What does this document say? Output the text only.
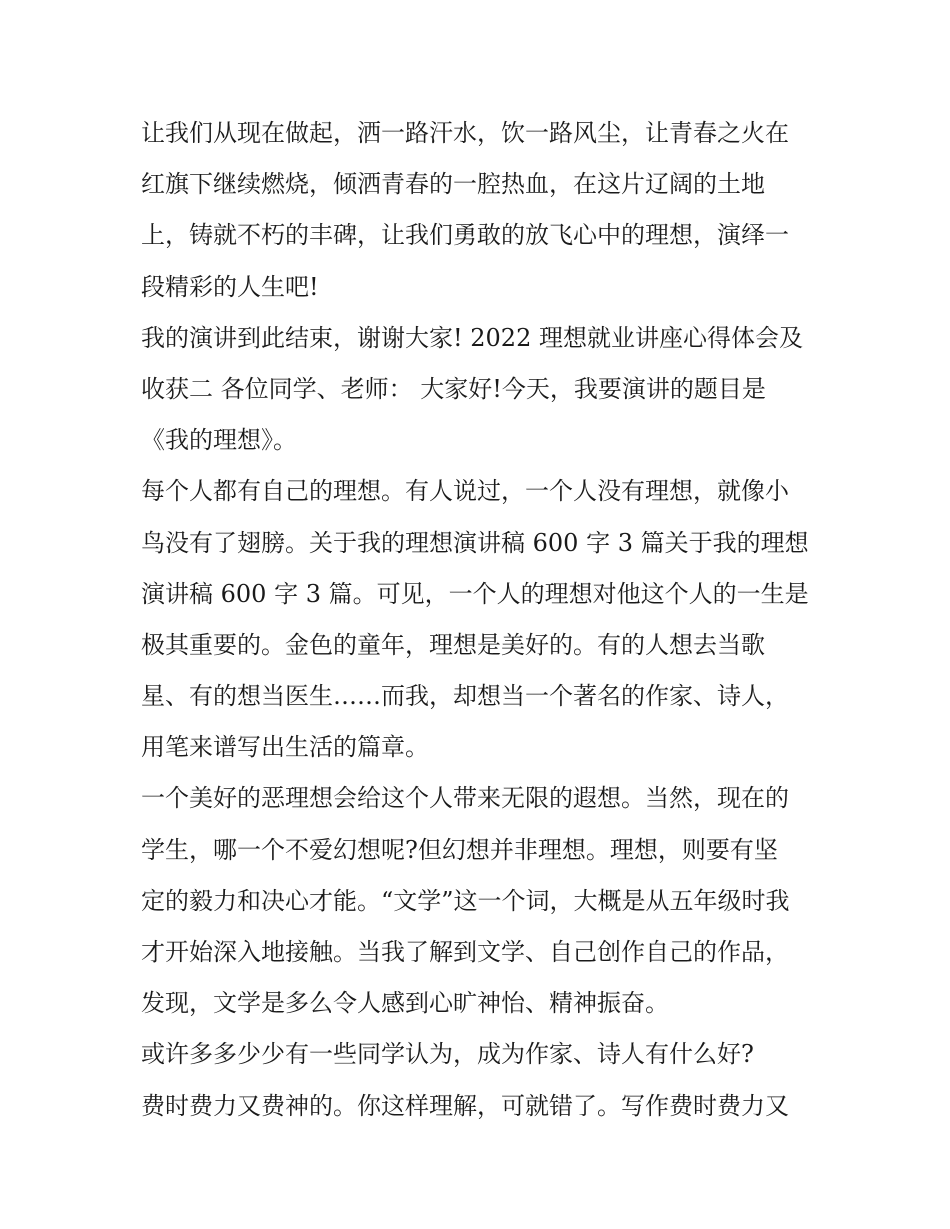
让我们从现在做起，洒一路汗水，饮一路风尘，让青春之火在
红旗下继续燃烧，倾洒青春的一腔热血，在这片辽阔的土地
上，铸就不朽的丰碑，让我们勇敢的放飞心中的理想，演绎一
段精彩的人生吧!
我的演讲到此结束，谢谢大家! 2022 理想就业讲座心得体会及
收获二 各位同学、老师： 大家好!今天，我要演讲的题目是
《我的理想》。
每个人都有自己的理想。有人说过，一个人没有理想，就像小
鸟没有了翅膀。关于我的理想演讲稿 600 字 3 篇关于我的理想
演讲稿 600 字 3 篇。可见，一个人的理想对他这个人的一生是
极其重要的。金色的童年，理想是美好的。有的人想去当歌
星、有的想当医生……而我，却想当一个著名的作家、诗人，
用笔来谱写出生活的篇章。
一个美好的恶理想会给这个人带来无限的遐想。当然，现在的
学生，哪一个不爱幻想呢?但幻想并非理想。理想，则要有坚
定的毅力和决心才能。“文学”这一个词，大概是从五年级时我
才开始深入地接触。当我了解到文学、自己创作自己的作品，
发现，文学是多么令人感到心旷神怡、精神振奋。
或许多多少少有一些同学认为，成为作家、诗人有什么好?
费时费力又费神的。你这样理解，可就错了。写作费时费力又
